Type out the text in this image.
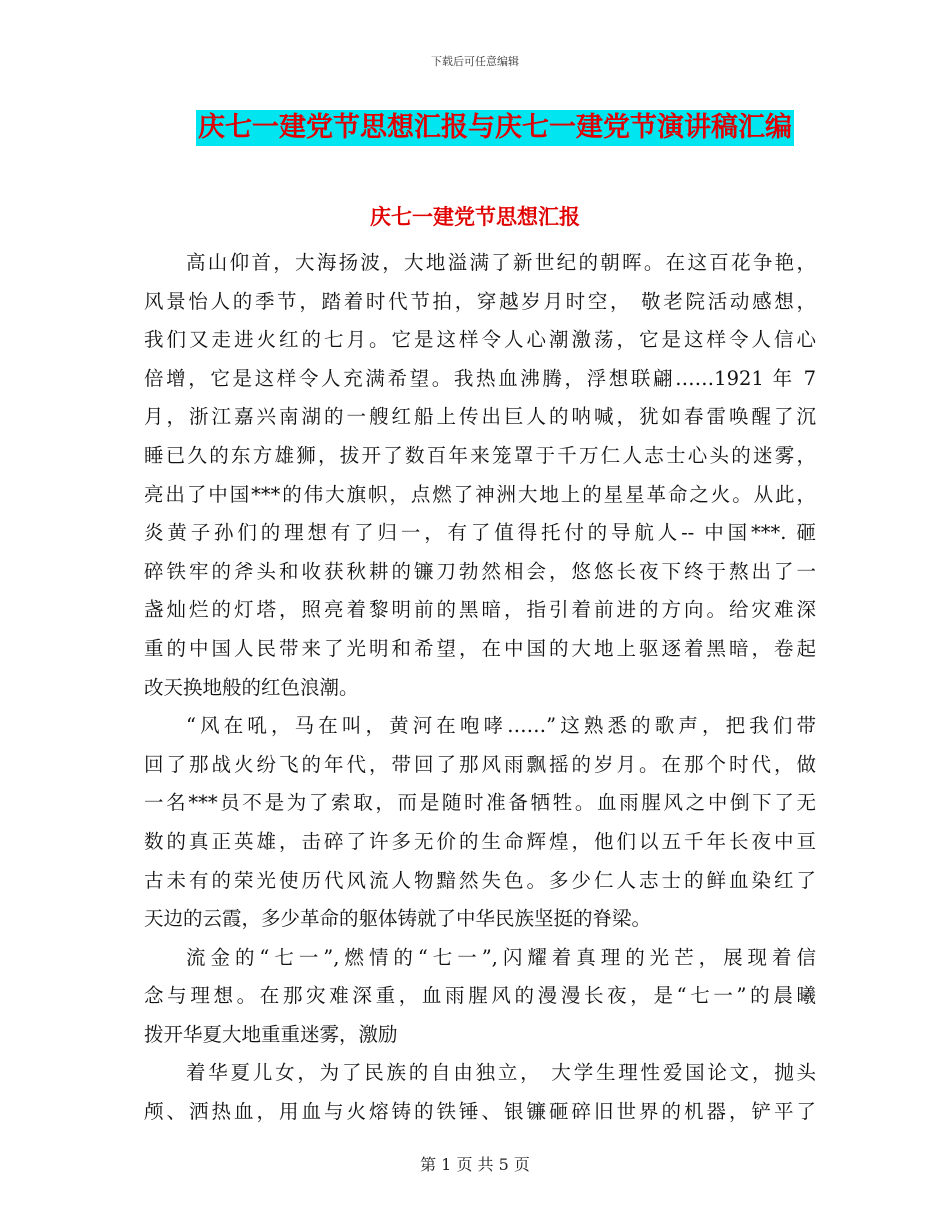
下载后可任意编辑
庆七一建党节思想汇报与庆七一建党节演讲稿汇编
庆七一建党节思想汇报
高山仰首，大海扬波，大地溢满了新世纪的朝晖。在这百花争艳，
风景怡人的季节，踏着时代节拍，穿越岁月时空， 敬老院活动感想，
我们又走进火红的七月。它是这样令人心潮激荡，它是这样令人信心
倍增，它是这样令人充满希望。我热血沸腾，浮想联翩……1921 年 7
月，浙江嘉兴南湖的一艘红船上传出巨人的呐喊，犹如春雷唤醒了沉
睡已久的东方雄狮，拔开了数百年来笼罩于千万仁人志士心头的迷雾，
亮出了中国***的伟大旗帜，点燃了神洲大地上的星星革命之火。从此，
炎黄子孙们的理想有了归一，有了值得托付的导航人-- 中国***. 砸
碎铁牢的斧头和收获秋耕的镰刀勃然相会，悠悠长夜下终于熬出了一
盏灿烂的灯塔，照亮着黎明前的黑暗，指引着前进的方向。给灾难深
重的中国人民带来了光明和希望，在中国的大地上驱逐着黑暗，卷起
改天换地般的红色浪潮。
“风在吼，马在叫，黄河在咆哮……”这熟悉的歌声，把我们带
回了那战火纷飞的年代，带回了那风雨飘摇的岁月。在那个时代，做
一名***员不是为了索取，而是随时准备牺牲。血雨腥风之中倒下了无
数的真正英雄，击碎了许多无价的生命辉煌，他们以五千年长夜中亘
古未有的荣光使历代风流人物黯然失色。多少仁人志士的鲜血染红了
天边的云霞，多少革命的躯体铸就了中华民族坚挺的脊梁。
流金的“七一”,燃情的“七一”,闪耀着真理的光芒，展现着信
念与理想。在那灾难深重，血雨腥风的漫漫长夜，是“七一”的晨曦
拨开华夏大地重重迷雾，激励
着华夏儿女，为了民族的自由独立， 大学生理性爱国论文，抛头
颅、洒热血，用血与火熔铸的铁锤、银镰砸碎旧世界的机器，铲平了
第 1 页 共 5 页
